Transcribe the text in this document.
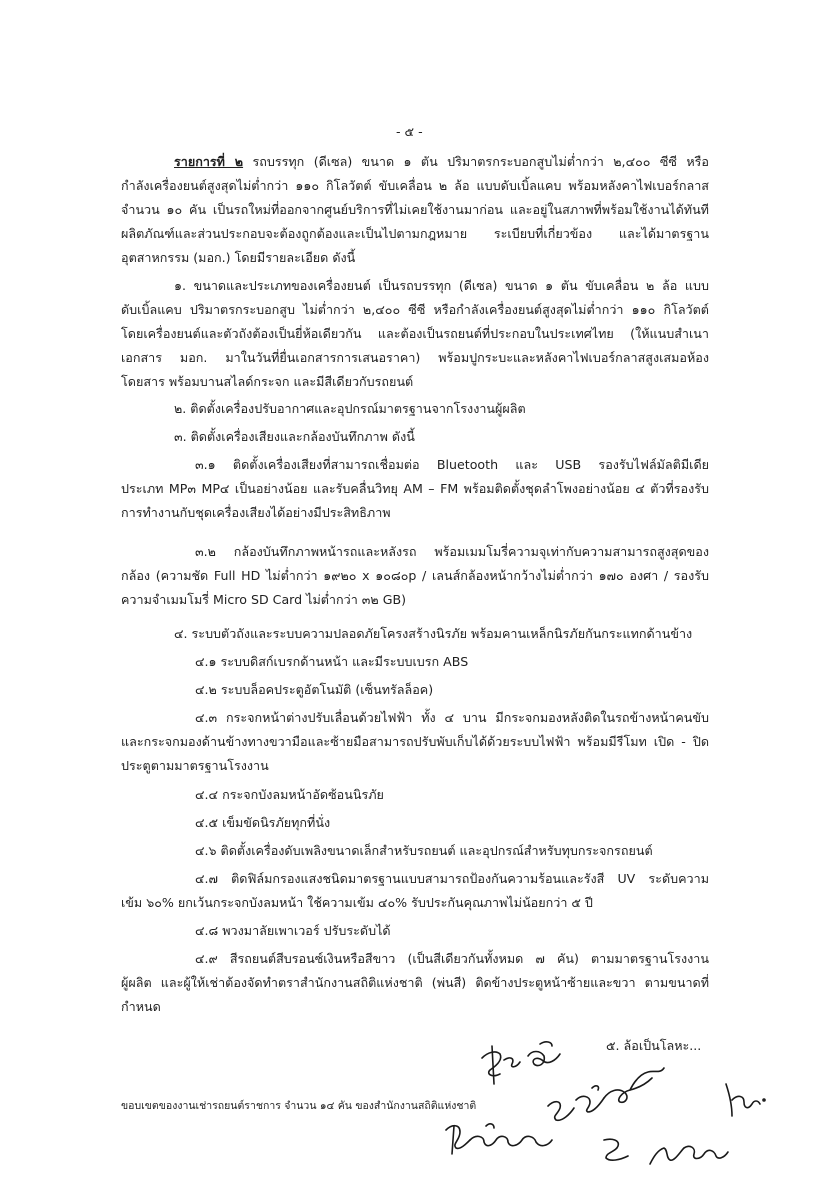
- ๕ -
รายการที่ ๒ รถบรรทุก (ดีเซล) ขนาด ๑ ตัน ปริมาตรกระบอกสูบไม่ต่ำกว่า ๒,๔๐๐ ซีซี หรือ
กำลังเครื่องยนต์สูงสุดไม่ต่ำกว่า ๑๑๐ กิโลวัตต์ ขับเคลื่อน ๒ ล้อ แบบดับเบิ้ลแคบ พร้อมหลังคาไฟเบอร์กลาส
จำนวน ๑๐ คัน เป็นรถใหม่ที่ออกจากศูนย์บริการที่ไม่เคยใช้งานมาก่อน และอยู่ในสภาพที่พร้อมใช้งานได้ทันที
ผลิตภัณฑ์และส่วนประกอบจะต้องถูกต้องและเป็นไปตามกฎหมาย ระเบียบที่เกี่ยวข้อง และได้มาตรฐาน
อุตสาหกรรม (มอก.) โดยมีรายละเอียด ดังนี้
๑. ขนาดและประเภทของเครื่องยนต์ เป็นรถบรรทุก (ดีเซล) ขนาด ๑ ตัน ขับเคลื่อน ๒ ล้อ แบบ
ดับเบิ้ลแคบ ปริมาตรกระบอกสูบ ไม่ต่ำกว่า ๒,๔๐๐ ซีซี หรือกำลังเครื่องยนต์สูงสุดไม่ต่ำกว่า ๑๑๐ กิโลวัตต์
โดยเครื่องยนต์และตัวถังต้องเป็นยี่ห้อเดียวกัน และต้องเป็นรถยนต์ที่ประกอบในประเทศไทย (ให้แนบสำเนา
เอกสาร มอก. มาในวันที่ยื่นเอกสารการเสนอราคา) พร้อมปูกระบะและหลังคาไฟเบอร์กลาสสูงเสมอห้อง
โดยสาร พร้อมบานสไลด์กระจก และมีสีเดียวกับรถยนต์
๒. ติดตั้งเครื่องปรับอากาศและอุปกรณ์มาตรฐานจากโรงงานผู้ผลิต
๓. ติดตั้งเครื่องเสียงและกล้องบันทึกภาพ ดังนี้
๓.๑ ติดตั้งเครื่องเสียงที่สามารถเชื่อมต่อ Bluetooth และ USB รองรับไฟล์มัลติมีเดีย
ประเภท MP๓ MP๔ เป็นอย่างน้อย และรับคลื่นวิทยุ AM – FM พร้อมติดตั้งชุดลำโพงอย่างน้อย ๔ ตัวที่รองรับ
การทำงานกับชุดเครื่องเสียงได้อย่างมีประสิทธิภาพ
๓.๒ กล้องบันทึกภาพหน้ารถและหลังรถ พร้อมเมมโมรี่ความจุเท่ากับความสามารถสูงสุดของ
กล้อง (ความชัด Full HD ไม่ต่ำกว่า ๑๙๒๐ x ๑๐๘๐p / เลนส์กล้องหน้ากว้างไม่ต่ำกว่า ๑๗๐ องศา / รองรับ
ความจำเมมโมรี่ Micro SD Card ไม่ต่ำกว่า ๓๒ GB)
๔. ระบบตัวถังและระบบความปลอดภัยโครงสร้างนิรภัย พร้อมคานเหล็กนิรภัยกันกระแทกด้านข้าง
๔.๑ ระบบดิสก์เบรกด้านหน้า และมีระบบเบรก ABS
๔.๒ ระบบล็อคประตูอัตโนมัติ (เซ็นทรัลล็อค)
๔.๓ กระจกหน้าต่างปรับเลื่อนด้วยไฟฟ้า ทั้ง ๔ บาน มีกระจกมองหลังติดในรถข้างหน้าคนขับ
และกระจกมองด้านข้างทางขวามือและซ้ายมือสามารถปรับพับเก็บได้ด้วยระบบไฟฟ้า พร้อมมีรีโมท เปิด - ปิด
ประตูตามมาตรฐานโรงงาน
๔.๔ กระจกบังลมหน้าอัดซ้อนนิรภัย
๔.๕ เข็มขัดนิรภัยทุกที่นั่ง
๔.๖ ติดตั้งเครื่องดับเพลิงขนาดเล็กสำหรับรถยนต์ และอุปกรณ์สำหรับทุบกระจกรถยนต์
๔.๗ ติดฟิล์มกรองแสงชนิดมาตรฐานแบบสามารถป้องกันความร้อนและรังสี UV ระดับความ
เข้ม ๖๐% ยกเว้นกระจกบังลมหน้า ใช้ความเข้ม ๔๐% รับประกันคุณภาพไม่น้อยกว่า ๕ ปี
๔.๘ พวงมาลัยเพาเวอร์ ปรับระดับได้
๔.๙ สีรถยนต์สีบรอนซ์เงินหรือสีขาว (เป็นสีเดียวกันทั้งหมด ๗ คัน) ตามมาตรฐานโรงงาน
ผู้ผลิต และผู้ให้เช่าต้องจัดทำตราสำนักงานสถิติแห่งชาติ (พ่นสี) ติดข้างประตูหน้าซ้ายและขวา ตามขนาดที่
กำหนด
๕. ล้อเป็นโลหะ...
ขอบเขตของงานเช่ารถยนต์ราชการ จำนวน ๑๔ คัน ของสำนักงานสถิติแห่งชาติ
